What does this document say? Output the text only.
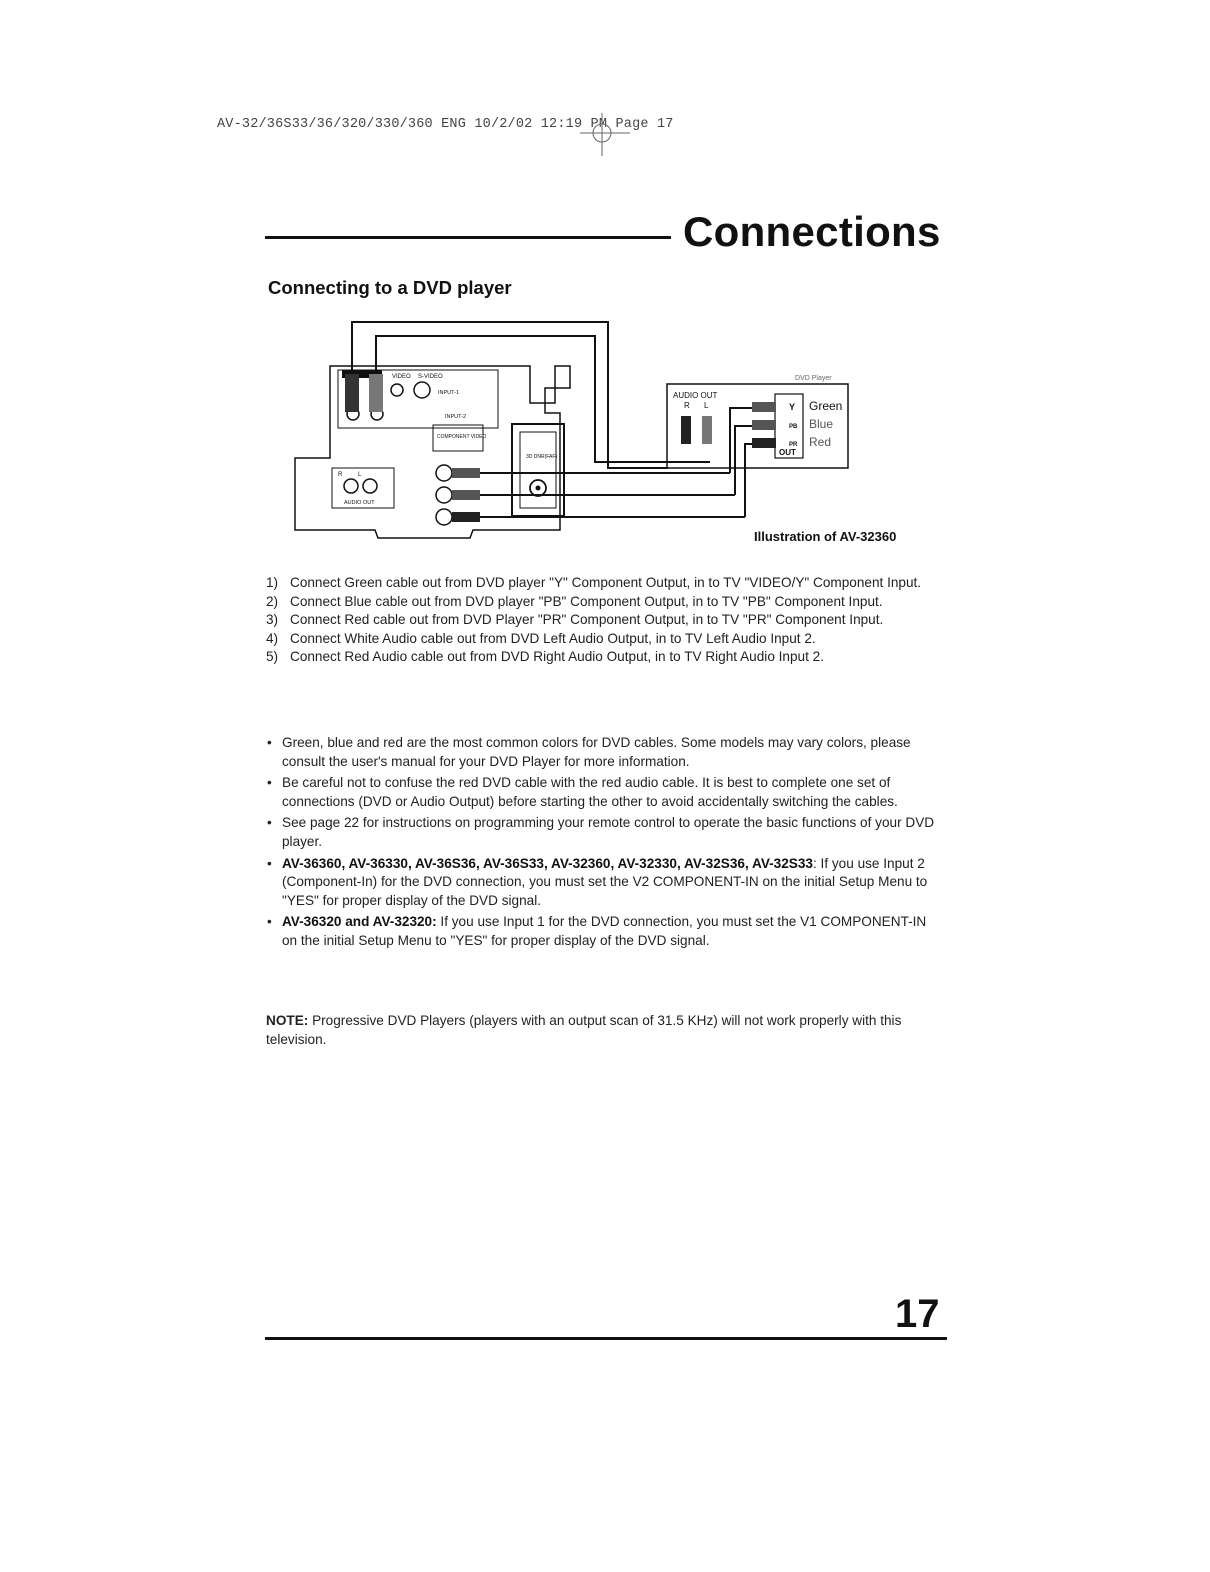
AV-32/36S33/36/320/330/360 ENG 10/2/02 12:19 PM Page 17
Connections
Connecting to a DVD player
VIDEO S-VIDEO
INPUT-1
INPUT-2
COMPONENT VIDEO
3D DNR(FAF)
R	L
AUDIO OUT
DVD Player
AUDIO OUT
R L	Y
PB
PR
OUT
Green
Blue
Red
Illustration of AV-32360
1) Connect Green cable out from DVD player "Y" Component Output, in to TV "VIDEO/Y" Component Input.
2) Connect Blue cable out from DVD player "PB" Component Output, in to TV "PB" Component Input.
3) Connect Red cable out from DVD Player "PR" Component Output, in to TV "PR" Component Input.
4) Connect White Audio cable out from DVD Left Audio Output, in to TV Left Audio Input 2.
5) Connect Red Audio cable out from DVD Right Audio Output, in to TV Right Audio Input 2.
• Green, blue and red are the most common colors for DVD cables. Some models may vary colors, please consult the user's manual for your DVD Player for more information.
• Be careful not to confuse the red DVD cable with the red audio cable. It is best to complete one set of connections (DVD or Audio Output) before starting the other to avoid accidentally switching the cables.
• See page 22 for instructions on programming your remote control to operate the basic functions of your DVD player.
• AV-36360, AV-36330, AV-36S36, AV-36S33, AV-32360, AV-32330, AV-32S36, AV-32S33: If you use Input 2 (Component-In) for the DVD connection, you must set the V2 COMPONENT-IN on the initial Setup Menu to "YES" for proper display of the DVD signal.
• AV-36320 and AV-32320: If you use Input 1 for the DVD connection, you must set the V1 COMPONENT-IN on the initial Setup Menu to "YES" for proper display of the DVD signal.
NOTE: Progressive DVD Players (players with an output scan of 31.5 KHz) will not work properly with this television.
17
